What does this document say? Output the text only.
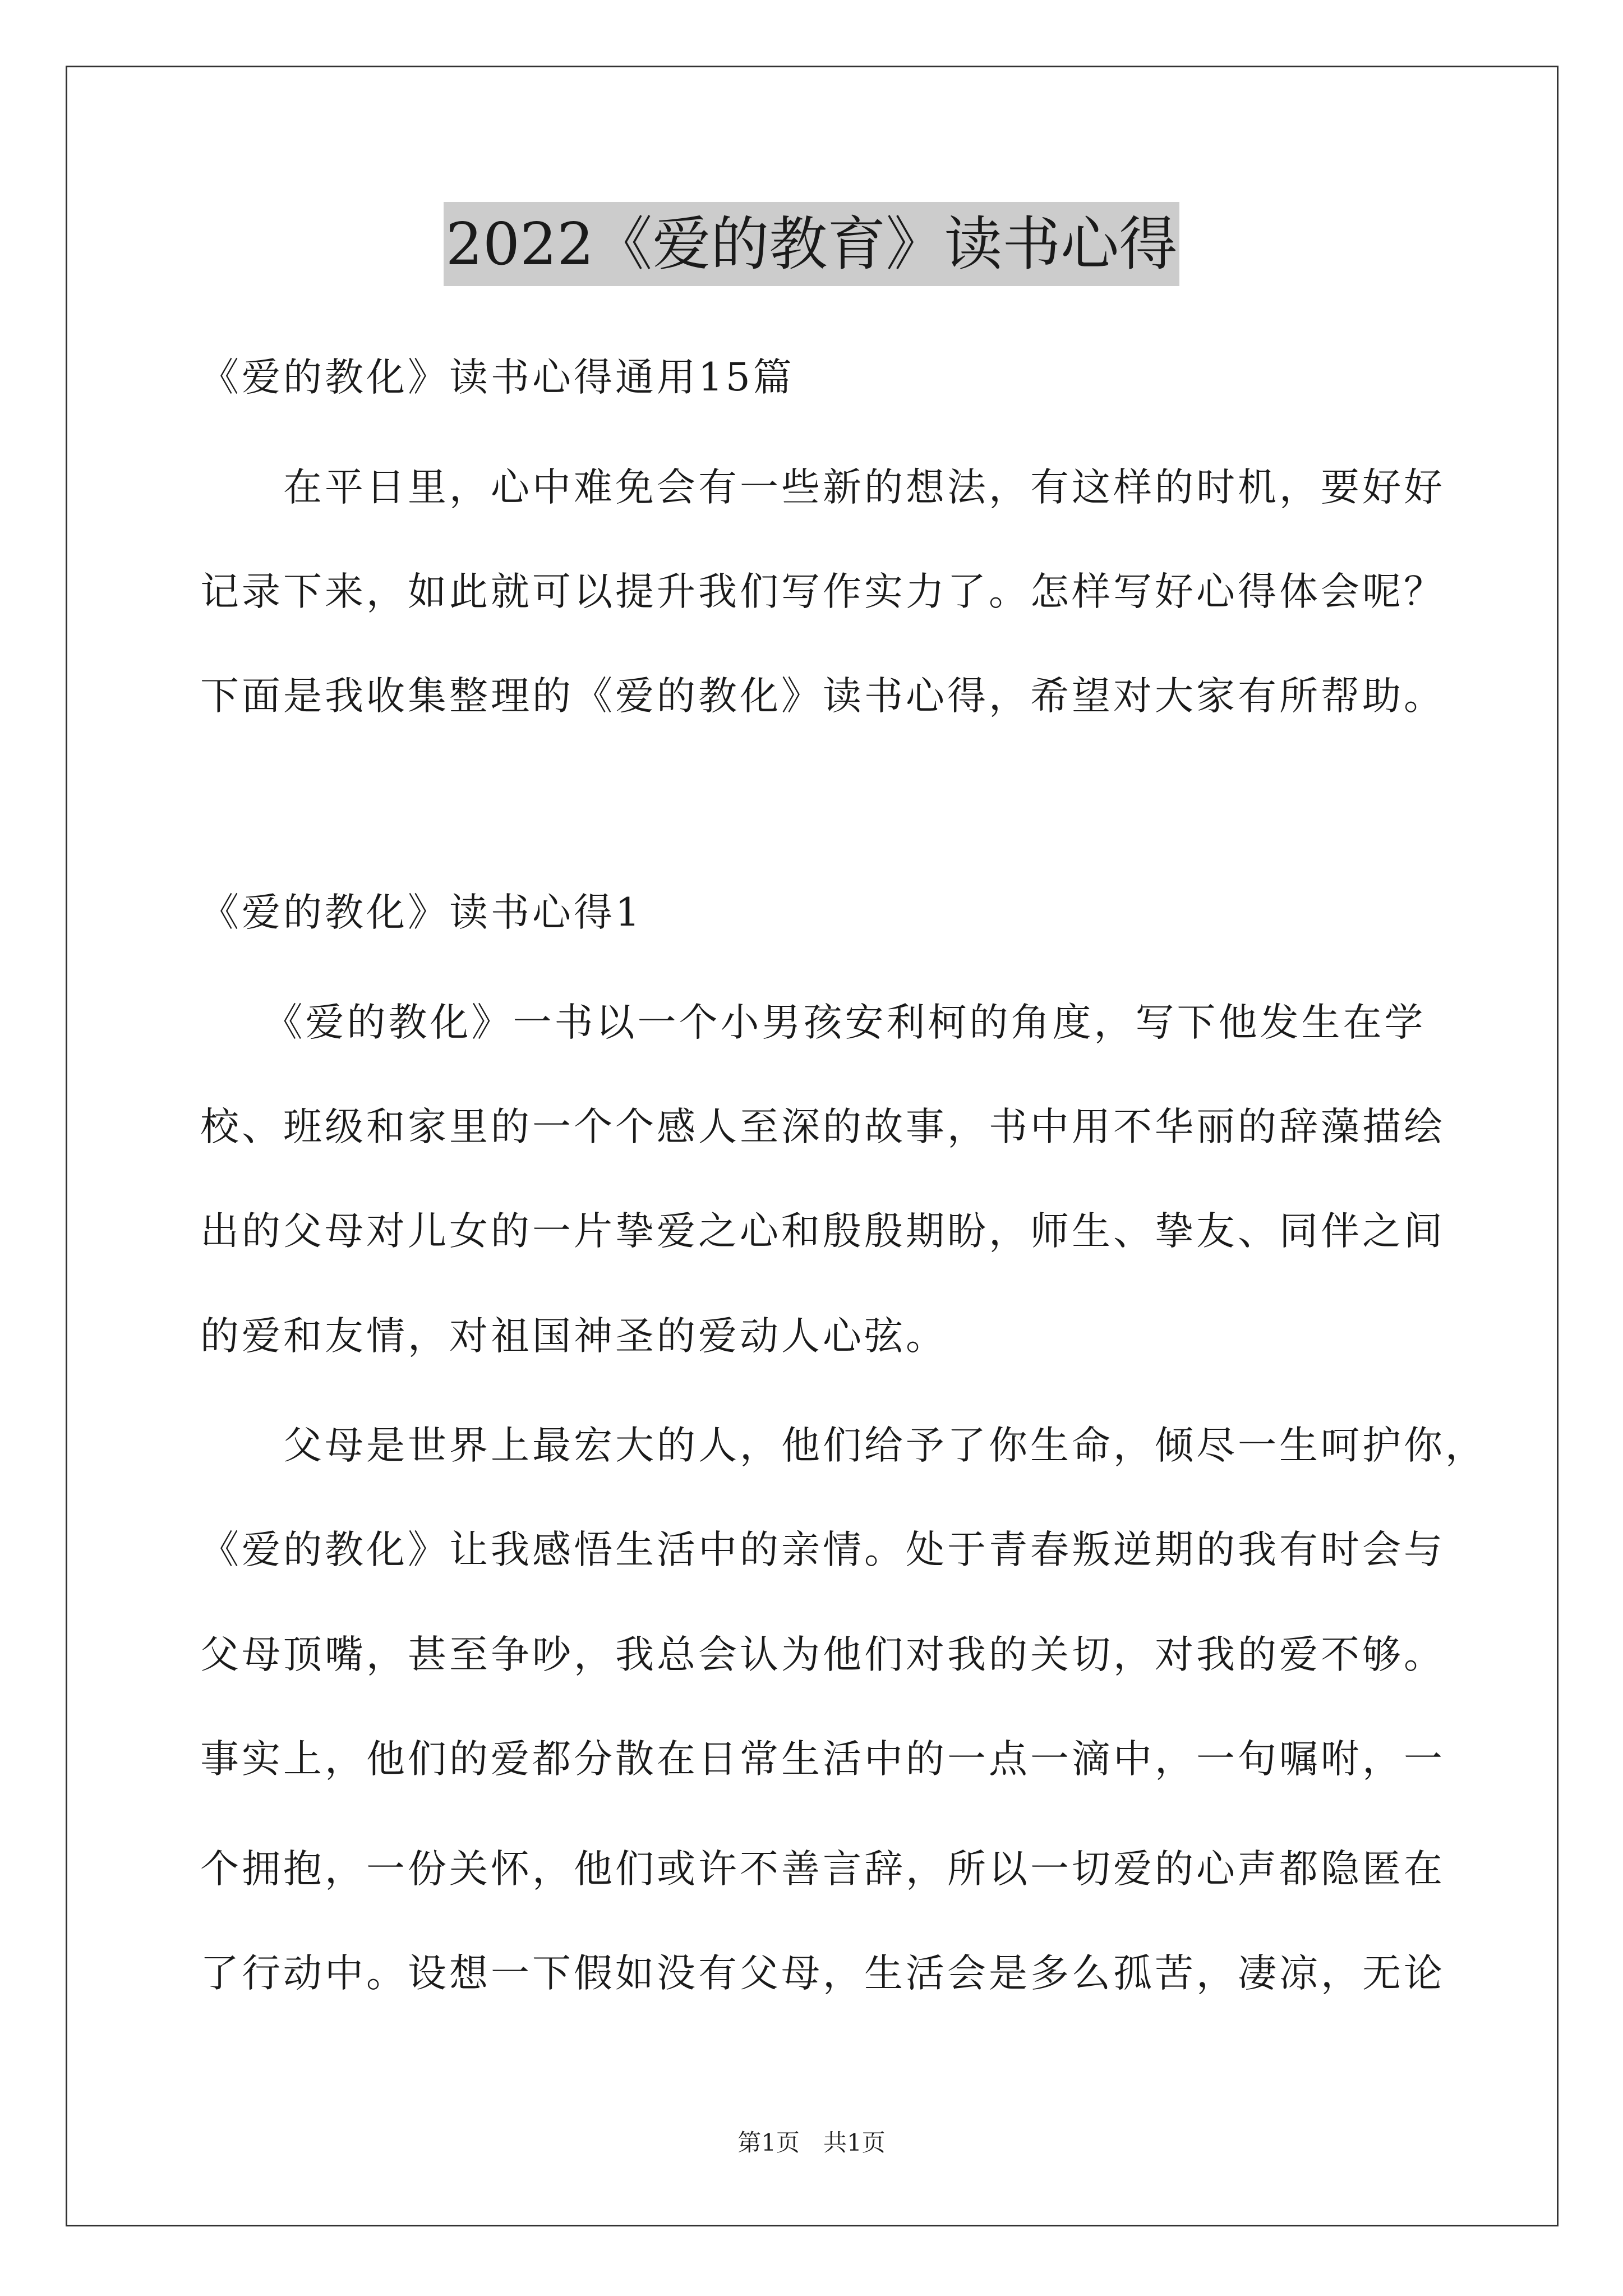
2022《爱的教育》读书心得
《爱的教化》读书心得通用15篇
　　在平日里，心中难免会有一些新的想法，有这样的时机，要好好
记录下来，如此就可以提升我们写作实力了。怎样写好心得体会呢？
下面是我收集整理的《爱的教化》读书心得，希望对大家有所帮助。
《爱的教化》读书心得1
　　《爱的教化》一书以一个小男孩安利柯的角度，写下他发生在学
校、班级和家里的一个个感人至深的故事，书中用不华丽的辞藻描绘
出的父母对儿女的一片挚爱之心和殷殷期盼，师生、挚友、同伴之间
的爱和友情，对祖国神圣的爱动人心弦。
　　父母是世界上最宏大的人，他们给予了你生命，倾尽一生呵护你，
《爱的教化》让我感悟生活中的亲情。处于青春叛逆期的我有时会与
父母顶嘴，甚至争吵，我总会认为他们对我的关切，对我的爱不够。
事实上，他们的爱都分散在日常生活中的一点一滴中，一句嘱咐，一
个拥抱，一份关怀，他们或许不善言辞，所以一切爱的心声都隐匿在
了行动中。设想一下假如没有父母，生活会是多么孤苦，凄凉，无论
第1页　共1页
